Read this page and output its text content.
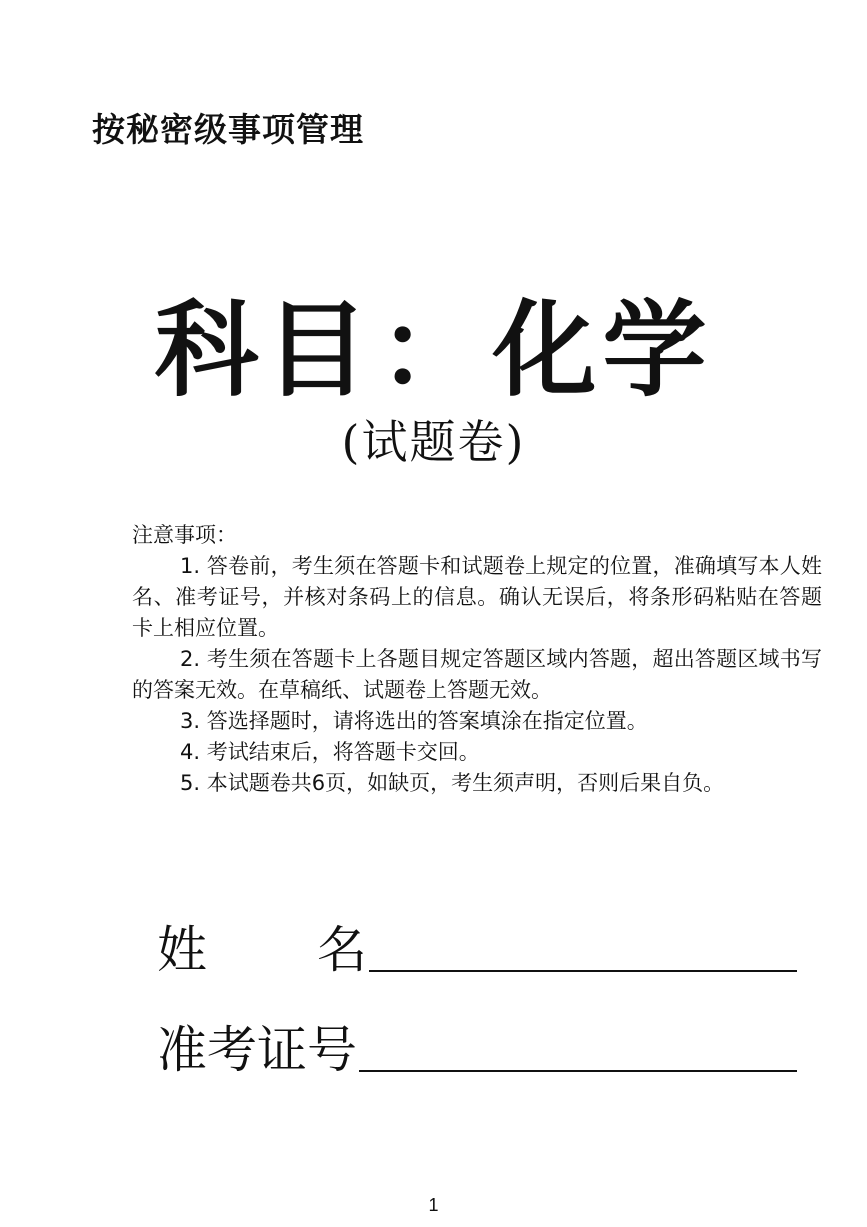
按秘密级事项管理
科目：化学
(试题卷)
注意事项：
1. 答卷前，考生须在答题卡和试题卷上规定的位置，准确填写本人姓名、准考证号，并核对条码上的信息。确认无误后，将条形码粘贴在答题卡上相应位置。
2. 考生须在答题卡上各题目规定答题区域内答题，超出答题区域书写的答案无效。在草稿纸、试题卷上答题无效。
3. 答选择题时，请将选出的答案填涂在指定位置。
4. 考试结束后，将答题卡交回。
5. 本试题卷共6页，如缺页，考生须声明，否则后果自负。
姓 名
准考证号
1
